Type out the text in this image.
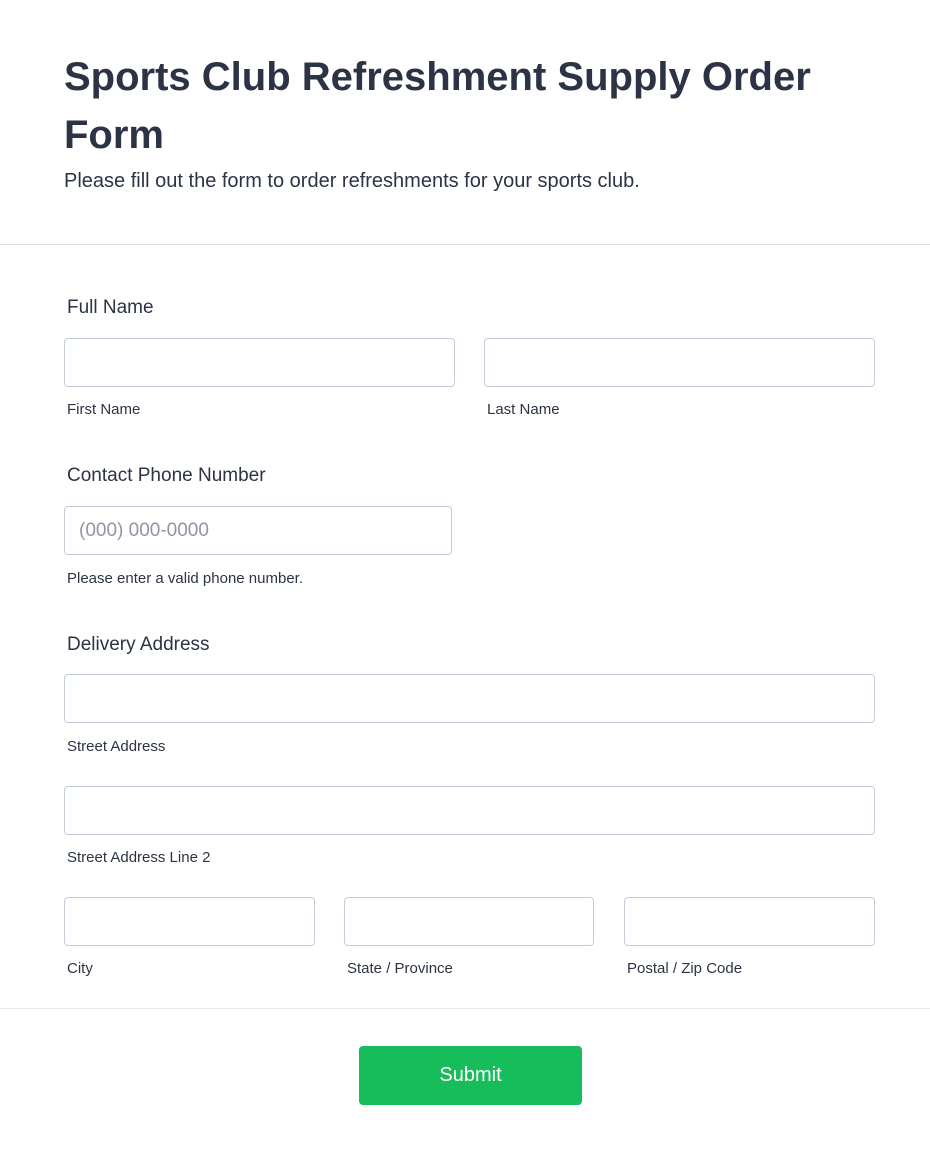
Sports Club Refreshment Supply Order Form

Please fill out the form to order refreshments for your sports club.

Full Name
First Name	Last Name
Contact Phone Number
(000) 000-0000
Please enter a valid phone number.
Delivery Address
Street Address
Street Address Line 2
City	State / Province	Postal / Zip Code
Submit
